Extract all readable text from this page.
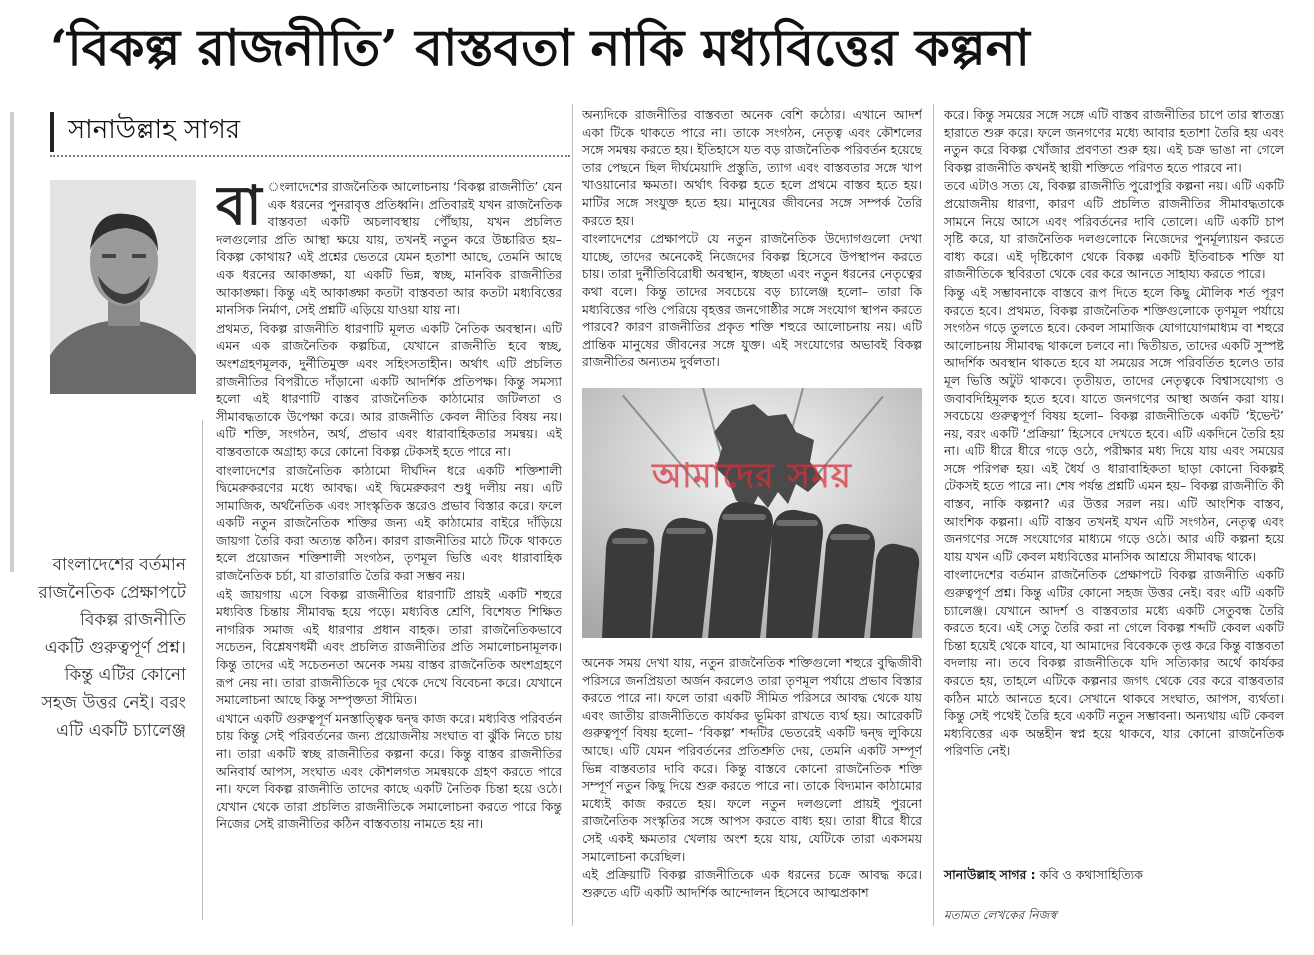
‘বিকল্প রাজনীতি’ বাস্তবতা নাকি মধ্যবিত্তের কল্পনা
সানাউল্লাহ সাগর
বাংলাদেশের বর্তমান রাজনৈতিক প্রেক্ষাপটে বিকল্প রাজনীতি একটি গুরুত্বপূর্ণ প্রশ্ন। কিন্তু এটির কোনো সহজ উত্তর নেই। বরং এটি একটি চ্যালেঞ্জ

বা ংলাদেশের রাজনৈতিক আলোচনায় ‘বিকল্প রাজনীতি’ যেন এক ধরনের পুনরাবৃত্ত প্রতিধ্বনি। প্রতিবারই যখন রাজনৈতিক বাস্তবতা একটি অচলাবস্থায় পৌঁছায়, যখন প্রচলিত দলগুলোর প্রতি আস্থা ক্ষয়ে যায়, তখনই নতুন করে উচ্চারিত হয়– বিকল্প কোথায়? এই প্রশ্নের ভেতরে যেমন হতাশা আছে, তেমনি আছে এক ধরনের আকাঙ্ক্ষা, যা একটি ভিন্ন, স্বচ্ছ, মানবিক রাজনীতির আকাঙ্ক্ষা। কিন্তু এই আকাঙ্ক্ষা কতটা বাস্তবতা আর কতটা মধ্যবিত্তের মানসিক নির্মাণ, সেই প্রশ্নটি এড়িয়ে যাওয়া যায় না।

প্রথমত, বিকল্প রাজনীতি ধারণাটি মূলত একটি নৈতিক অবস্থান। এটি এমন এক রাজনৈতিক কল্পচিত্র, যেখানে রাজনীতি হবে স্বচ্ছ, অংশগ্রহণমূলক, দুর্নীতিমুক্ত এবং সহিংসতাহীন। অর্থাৎ এটি প্রচলিত রাজনীতির বিপরীতে দাঁড়ানো একটি আদর্শিক প্রতিপক্ষ। কিন্তু সমস্যা হলো এই ধারণাটি বাস্তব রাজনৈতিক কাঠামোর জটিলতা ও সীমাবদ্ধতাকে উপেক্ষা করে। আর রাজনীতি কেবল নীতির বিষয় নয়। এটি শক্তি, সংগঠন, অর্থ, প্রভাব এবং ধারাবাহিকতার সমন্বয়। এই বাস্তবতাকে অগ্রাহ্য করে কোনো বিকল্প টেকসই হতে পারে না।

বাংলাদেশের রাজনৈতিক কাঠামো দীর্ঘদিন ধরে একটি শক্তিশালী দ্বিমেরুকরণের মধ্যে আবদ্ধ। এই দ্বিমেরুকরণ শুধু দলীয় নয়। এটি সামাজিক, অর্থনৈতিক এবং সাংস্কৃতিক স্তরেও প্রভাব বিস্তার করে। ফলে একটি নতুন রাজনৈতিক শক্তির জন্য এই কাঠামোর বাইরে দাঁড়িয়ে জায়গা তৈরি করা অত্যন্ত কঠিন। কারণ রাজনীতির মাঠে টিকে থাকতে হলে প্রয়োজন শক্তিশালী সংগঠন, তৃণমূল ভিত্তি এবং ধারাবাহিক রাজনৈতিক চর্চা, যা রাতারাতি তৈরি করা সম্ভব নয়।

এই জায়গায় এসে বিকল্প রাজনীতির ধারণাটি প্রায়ই একটি শহুরে মধ্যবিত্ত চিন্তায় সীমাবদ্ধ হয়ে পড়ে। মধ্যবিত্ত শ্রেণি, বিশেষত শিক্ষিত নাগরিক সমাজ এই ধারণার প্রধান বাহক। তারা রাজনৈতিকভাবে সচেতন, বিশ্লেষণধর্মী এবং প্রচলিত রাজনীতির প্রতি সমালোচনামূলক। কিন্তু তাদের এই সচেতনতা অনেক সময় বাস্তব রাজনৈতিক অংশগ্রহণে রূপ নেয় না। তারা রাজনীতিকে দূর থেকে দেখে বিবেচনা করে। যেখানে সমালোচনা আছে কিন্তু সম্পৃক্ততা সীমিত।

এখানে একটি গুরুত্বপূর্ণ মনস্তাত্ত্বিক দ্বন্দ্ব কাজ করে। মধ্যবিত্ত পরিবর্তন চায় কিন্তু সেই পরিবর্তনের জন্য প্রয়োজনীয় সংঘাত বা ঝুঁকি নিতে চায় না। তারা একটি স্বচ্ছ রাজনীতির কল্পনা করে। কিন্তু বাস্তব রাজনীতির অনিবার্য আপস, সংঘাত এবং কৌশলগত সমন্বয়কে গ্রহণ করতে পারে না। ফলে বিকল্প রাজনীতি তাদের কাছে একটি নৈতিক চিন্তা হয়ে ওঠে। যেখান থেকে তারা প্রচলিত রাজনীতিকে সমালোচনা করতে পারে কিন্তু নিজের সেই রাজনীতির কঠিন বাস্তবতায় নামতে হয় না।

অন্যদিকে রাজনীতির বাস্তবতা অনেক বেশি কঠোর। এখানে আদর্শ একা টিকে থাকতে পারে না। তাকে সংগঠন, নেতৃত্ব এবং কৌশলের সঙ্গে সমন্বয় করতে হয়। ইতিহাসে যত বড় রাজনৈতিক পরিবর্তন হয়েছে তার পেছনে ছিল দীর্ঘমেয়াদি প্রস্তুতি, ত্যাগ এবং বাস্তবতার সঙ্গে খাপ খাওয়ানোর ক্ষমতা। অর্থাৎ বিকল্প হতে হলে প্রথমে বাস্তব হতে হয়। মাটির সঙ্গে সংযুক্ত হতে হয়। মানুষের জীবনের সঙ্গে সম্পর্ক তৈরি করতে হয়।

বাংলাদেশের প্রেক্ষাপটে যে নতুন রাজনৈতিক উদ্যোগগুলো দেখা যাচ্ছে, তাদের অনেকেই নিজেদের বিকল্প হিসেবে উপস্থাপন করতে চায়। তারা দুর্নীতিবিরোধী অবস্থান, স্বচ্ছতা এবং নতুন ধরনের নেতৃত্বের কথা বলে। কিন্তু তাদের সবচেয়ে বড় চ্যালেঞ্জ হলো– তারা কি মধ্যবিত্তের গণ্ডি পেরিয়ে বৃহত্তর জনগোষ্ঠীর সঙ্গে সংযোগ স্থাপন করতে পারবে? কারণ রাজনীতির প্রকৃত শক্তি শহুরে আলোচনায় নয়। এটি প্রান্তিক মানুষের জীবনের সঙ্গে যুক্ত। এই সংযোগের অভাবই বিকল্প রাজনীতির অন্যতম দুর্বলতা।

আমাদের সময়

অনেক সময় দেখা যায়, নতুন রাজনৈতিক শক্তিগুলো শহুরে বুদ্ধিজীবী পরিসরে জনপ্রিয়তা অর্জন করলেও তারা তৃণমূল পর্যায়ে প্রভাব বিস্তার করতে পারে না। ফলে তারা একটি সীমিত পরিসরে আবদ্ধ থেকে যায় এবং জাতীয় রাজনীতিতে কার্যকর ভূমিকা রাখতে ব্যর্থ হয়। আরেকটি গুরুত্বপূর্ণ বিষয় হলো– ‘বিকল্প’ শব্দটির ভেতরেই একটি দ্বন্দ্ব লুকিয়ে আছে। এটি যেমন পরিবর্তনের প্রতিশ্রুতি দেয়, তেমনি একটি সম্পূর্ণ ভিন্ন বাস্তবতার দাবি করে। কিন্তু বাস্তবে কোনো রাজনৈতিক শক্তি সম্পূর্ণ নতুন কিছু দিয়ে শুরু করতে পারে না। তাকে বিদ্যমান কাঠামোর মধ্যেই কাজ করতে হয়। ফলে নতুন দলগুলো প্রায়ই পুরনো রাজনৈতিক সংস্কৃতির সঙ্গে আপস করতে বাধ্য হয়। তারা ধীরে ধীরে সেই একই ক্ষমতার খেলায় অংশ হয়ে যায়, যেটিকে তারা একসময় সমালোচনা করেছিল।

এই প্রক্রিয়াটি বিকল্প রাজনীতিকে এক ধরনের চক্রে আবদ্ধ করে। শুরুতে এটি একটি আদর্শিক আন্দোলন হিসেবে আত্মপ্রকাশ

করে। কিন্তু সময়ের সঙ্গে সঙ্গে এটি বাস্তব রাজনীতির চাপে তার স্বাতন্ত্র্য হারাতে শুরু করে। ফলে জনগণের মধ্যে আবার হতাশা তৈরি হয় এবং নতুন করে বিকল্প খোঁজার প্রবণতা শুরু হয়। এই চক্র ভাঙা না গেলে বিকল্প রাজনীতি কখনই স্থায়ী শক্তিতে পরিণত হতে পারবে না।

তবে এটাও সত্য যে, বিকল্প রাজনীতি পুরোপুরি কল্পনা নয়। এটি একটি প্রয়োজনীয় ধারণা, কারণ এটি প্রচলিত রাজনীতির সীমাবদ্ধতাকে সামনে নিয়ে আসে এবং পরিবর্তনের দাবি তোলে। এটি একটি চাপ সৃষ্টি করে, যা রাজনৈতিক দলগুলোকে নিজেদের পুনর্মূল্যায়ন করতে বাধ্য করে। এই দৃষ্টিকোণ থেকে বিকল্প একটি ইতিবাচক শক্তি যা রাজনীতিকে স্থবিরতা থেকে বের করে আনতে সাহায্য করতে পারে।

কিন্তু এই সম্ভাবনাকে বাস্তবে রূপ দিতে হলে কিছু মৌলিক শর্ত পূরণ করতে হবে। প্রথমত, বিকল্প রাজনৈতিক শক্তিগুলোকে তৃণমূল পর্যায়ে সংগঠন গড়ে তুলতে হবে। কেবল সামাজিক যোগাযোগমাধ্যম বা শহুরে আলোচনায় সীমাবদ্ধ থাকলে চলবে না। দ্বিতীয়ত, তাদের একটি সুস্পষ্ট আদর্শিক অবস্থান থাকতে হবে যা সময়ের সঙ্গে পরিবর্তিত হলেও তার মূল ভিত্তি অটুট থাকবে। তৃতীয়ত, তাদের নেতৃত্বকে বিশ্বাসযোগ্য ও জবাবদিহিমূলক হতে হবে। যাতে জনগণের আস্থা অর্জন করা যায়। সবচেয়ে গুরুত্বপূর্ণ বিষয় হলো– বিকল্প রাজনীতিকে একটি ‘ইভেন্ট’ নয়, বরং একটি ‘প্রক্রিয়া’ হিসেবে দেখতে হবে। এটি একদিনে তৈরি হয় না। এটি ধীরে ধীরে গড়ে ওঠে, পরীক্ষার মধ্য দিয়ে যায় এবং সময়ের সঙ্গে পরিপক্ব হয়। এই ধৈর্য ও ধারাবাহিকতা ছাড়া কোনো বিকল্পই টেকসই হতে পারে না। শেষ পর্যন্ত প্রশ্নটি এমন হয়– বিকল্প রাজনীতি কী বাস্তব, নাকি কল্পনা? এর উত্তর সরল নয়। এটি আংশিক বাস্তব, আংশিক কল্পনা। এটি বাস্তব তখনই যখন এটি সংগঠন, নেতৃত্ব এবং জনগণের সঙ্গে সংযোগের মাধ্যমে গড়ে ওঠে। আর এটি কল্পনা হয়ে যায় যখন এটি কেবল মধ্যবিত্তের মানসিক আশ্রয়ে সীমাবদ্ধ থাকে।

বাংলাদেশের বর্তমান রাজনৈতিক প্রেক্ষাপটে বিকল্প রাজনীতি একটি গুরুত্বপূর্ণ প্রশ্ন। কিন্তু এটির কোনো সহজ উত্তর নেই। বরং এটি একটি চ্যালেঞ্জ। যেখানে আদর্শ ও বাস্তবতার মধ্যে একটি সেতুবন্ধ তৈরি করতে হবে। এই সেতু তৈরি করা না গেলে বিকল্প শব্দটি কেবল একটি চিন্তা হয়েই থেকে যাবে, যা আমাদের বিবেককে তৃপ্ত করে কিন্তু বাস্তবতা বদলায় না। তবে বিকল্প রাজনীতিকে যদি সত্যিকার অর্থে কার্যকর করতে হয়, তাহলে এটিকে কল্পনার জগৎ থেকে বের করে বাস্তবতার কঠিন মাঠে আনতে হবে। সেখানে থাকবে সংঘাত, আপস, ব্যর্থতা। কিন্তু সেই পথেই তৈরি হবে একটি নতুন সম্ভাবনা। অন্যথায় এটি কেবল মধ্যবিত্তের এক অন্তহীন স্বপ্ন হয়ে থাকবে, যার কোনো রাজনৈতিক পরিণতি নেই।

সানাউল্লাহ সাগর : কবি ও কথাসাহিত্যিক
মতামত লেখকের নিজস্ব
